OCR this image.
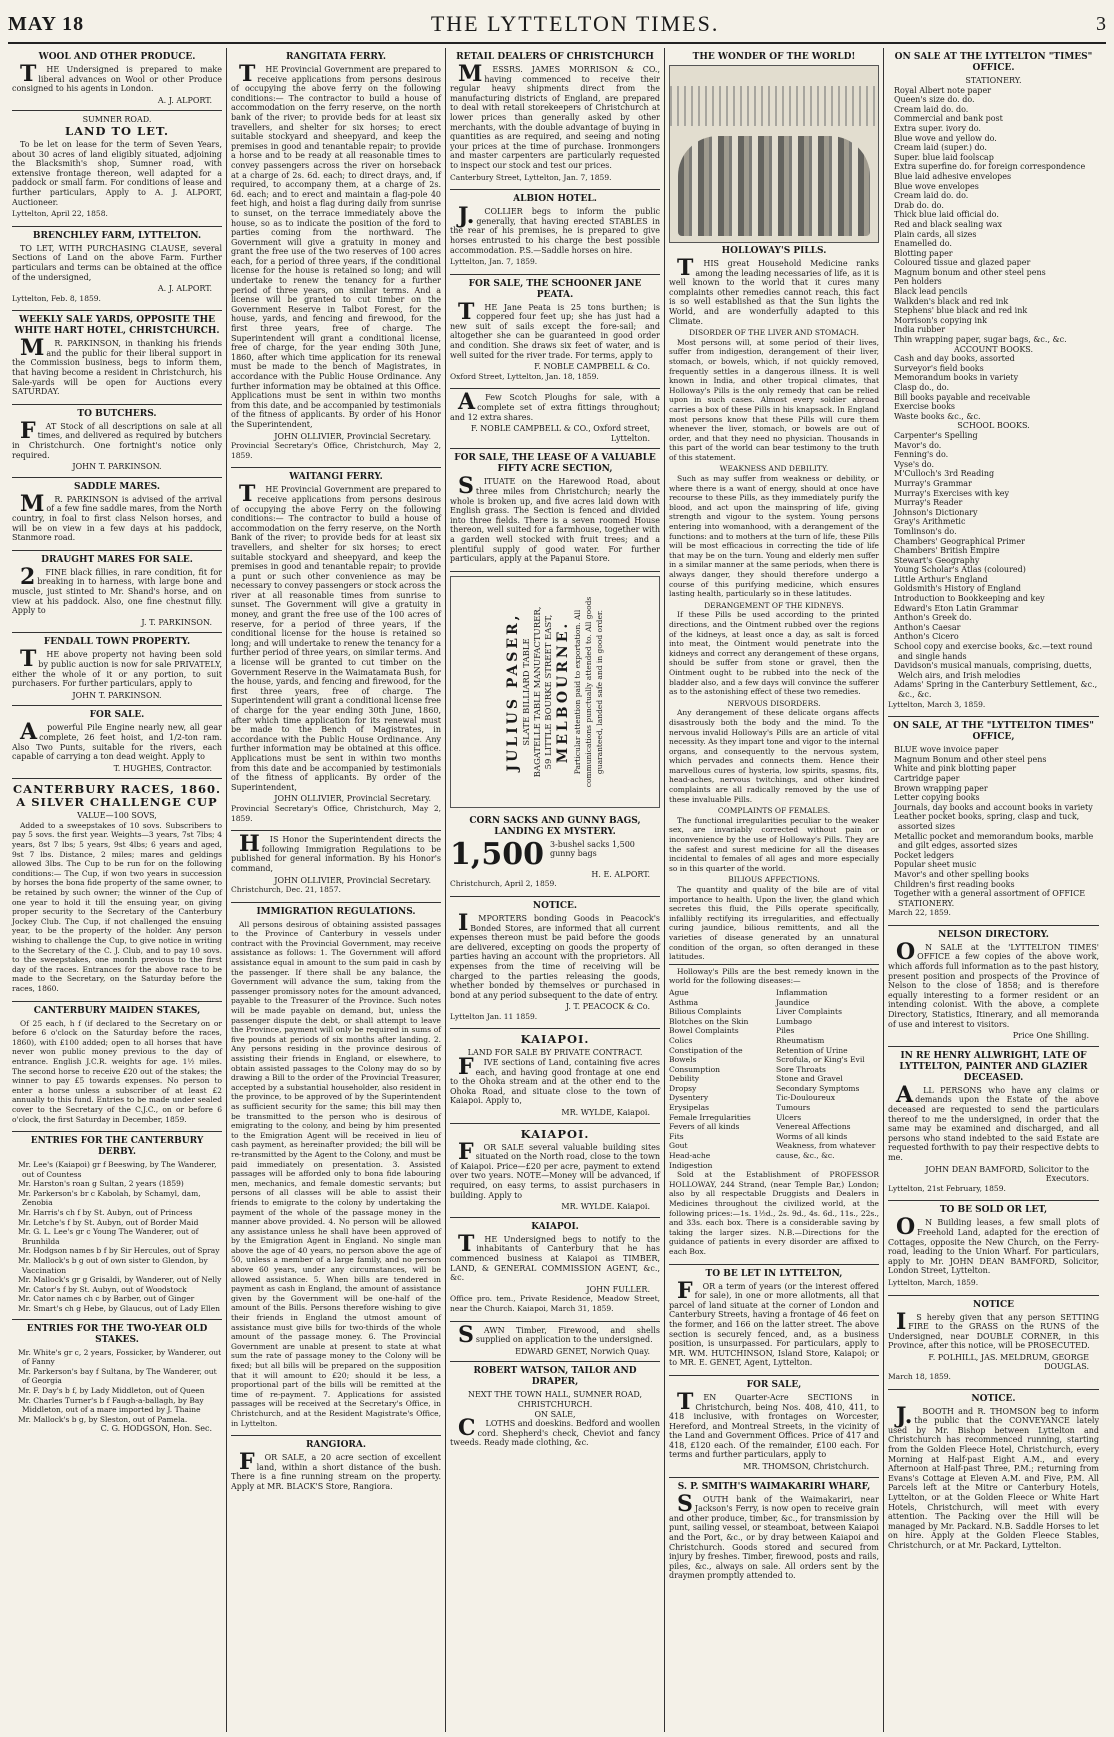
MAY 18	THE LYTTELTON TIMES.	3
WOOL AND OTHER PRODUCE.
THE Undersigned is prepared to make liberal advances on Wool or other Produce consigned to his agents in London.
A. J. ALPORT.
SUMNER ROAD.
LAND TO LET.
To be let on lease for the term of Seven Years, about 30 acres of land eligibly situated, adjoining the Blacksmith's shop, Sumner road, with extensive frontage thereon, well adapted for a paddock or small farm. For conditions of lease and further particulars, Apply to A. J. ALPORT, Auctioneer.
Lyttelton, April 22, 1858.
BRENCHLEY FARM, LYTTELTON.
TO LET, WITH PURCHASING CLAUSE, several Sections of Land on the above Farm. Further particulars and terms can be obtained at the office of the undersigned,
A. J. ALPORT.
Lyttelton, Feb. 8, 1859.
WEEKLY SALE YARDS, OPPOSITE THE WHITE HART HOTEL, CHRISTCHURCH.
MR. PARKINSON, in thanking his friends and the public for their liberal support in the Commission business, begs to inform them, that having become a resident in Christchurch, his Sale-yards will be open for Auctions every SATURDAY.
TO BUTCHERS.
FAT Stock of all descriptions on sale at all times, and delivered as required by butchers in Christchurch. One fortnight's notice only required.
JOHN T. PARKINSON.
SADDLE MARES.
MR. PARKINSON is advised of the arrival of a few fine saddle mares, from the North country, in foal to first class Nelson horses, and will be on view in a few days at his paddock, Stanmore road.
DRAUGHT MARES FOR SALE.
2FINE black fillies, in rare condition, fit for breaking in to harness, with large bone and muscle, just stinted to Mr. Shand's horse, and on view at his paddock. Also, one fine chestnut filly. Apply to
J. T. PARKINSON.
FENDALL TOWN PROPERTY.
THE above property not having been sold by public auction is now for sale PRIVATELY, either the whole of it or any portion, to suit purchasers. For further particulars, apply to
JOHN T. PARKINSON.
FOR SALE.
Apowerful Pile Engine nearly new, all gear complete, 26 feet hoist, and 1/2-ton ram. Also Two Punts, suitable for the rivers, each capable of carrying a ton dead weight. Apply to
T. HUGHES, Contractor.
CANTERBURY RACES, 1860. A SILVER CHALLENGE CUP
VALUE—100 SOVS,
Added to a sweepstakes of 10 sovs. Subscribers to pay 5 sovs. the first year. Weights—3 years, 7st 7lbs; 4 years, 8st 7 lbs; 5 years, 9st 4lbs; 6 years and aged, 9st 7 lbs. Distance, 2 miles; mares and geldings allowed 3lbs. The Cup to be run for on the following conditions:— The Cup, if won two years in succession by horses the bona fide property of the same owner, to be retained by such owner; the winner of the Cup of one year to hold it till the ensuing year, on giving proper security to the Secretary of the Canterbury Jockey Club. The Cup, if not challenged the ensuing year, to be the property of the holder. Any person wishing to challenge the Cup, to give notice in writing to the Secretary of the C. J. Club, and to pay 10 sovs. to the sweepstakes, one month previous to the first day of the races. Entrances for the above race to be made to the Secretary, on the Saturday before the races, 1860.
CANTERBURY MAIDEN STAKES,
Of 25 each, h f (if declared to the Secretary on or before 6 o'clock on the Saturday before the races, 1860), with £100 added; open to all horses that have never won public money previous to the day of entrance. English J.C.R. weights for age. 1½ miles. The second horse to receive £20 out of the stakes; the winner to pay £5 towards expenses. No person to enter a horse unless a subscriber of at least £2 annually to this fund. Entries to be made under sealed cover to the Secretary of the C.J.C., on or before 6 o'clock, the first Saturday in December, 1859.
ENTRIES FOR THE CANTERBURY DERBY.
Mr. Lee's (Kaiapoi) gr f Beeswing, by The Wanderer, out of Countess
Mr. Harston's roan g Sultan, 2 years (1859)
Mr. Parkerson's br c Kabolah, by Schamyl, dam, Zenobia
Mr. Harris's ch f by St. Aubyn, out of Princess
Mr. Letche's f by St. Aubyn, out of Border Maid
Mr. G. L. Lee's gr c Young The Wanderer, out of Brunhilda
Mr. Hodgson names b f by Sir Hercules, out of Spray
Mr. Mallock's b g out of own sister to Glendon, by Vaccination
Mr. Mallock's gr g Grisaldi, by Wanderer, out of Nelly
Mr. Cator's f by St. Aubyn, out of Woodstock
Mr. Cator names ch c by Barber, out of Ginger
Mr. Smart's ch g Hebe, by Glaucus, out of Lady Ellen
ENTRIES FOR THE TWO-YEAR OLD STAKES.
Mr. White's gr c, 2 years, Fossicker, by Wanderer, out of Fanny
Mr. Parkerson's bay f Sultana, by The Wanderer, out of Georgia
Mr. F. Day's b f, by Lady Middleton, out of Queen
Mr. Charles Turner's b f Faugh-a-ballagh, by Bay Middleton, out of a mare imported by J. Thaine
Mr. Mallock's b g, by Sleston, out of Pamela.
C. G. HODGSON, Hon. Sec.
RANGITATA FERRY.
THE Provincial Government are prepared to receive applications from persons desirous of occupying the above ferry on the following conditions:— The contractor to build a house of accommodation on the ferry reserve, on the north bank of the river; to provide beds for at least six travellers, and shelter for six horses; to erect suitable stockyard and sheepyard, and keep the premises in good and tenantable repair; to provide a horse and to be ready at all reasonable times to convey passengers across the river on horseback at a charge of 2s. 6d. each; to direct drays, and, if required, to accompany them, at a charge of 2s. 6d. each; and to erect and maintain a flag-pole 40 feet high, and hoist a flag during daily from sunrise to sunset, on the terrace immediately above the house, so as to indicate the position of the ford to parties coming from the northward. The Government will give a gratuity in money and grant the free use of the two reserves of 100 acres each, for a period of three years, if the conditional license for the house is retained so long; and will undertake to renew the tenancy for a further period of three years, on similar terms. And a license will be granted to cut timber on the Government Reserve in Talbot Forest, for the house, yards, and fencing and firewood, for the first three years, free of charge. The Superintendent will grant a conditional license, free of charge, for the year ending 30th June, 1860, after which time application for its renewal must be made to the bench of Magistrates, in accordance with the Public House Ordinance. Any further information may be obtained at this Office. Applications must be sent in within two months from this date, and be accompanied by testimonials of the fitness of applicants. By order of his Honor the Superintendent,
JOHN OLLIVIER, Provincial Secretary.
Provincial Secretary's Office, Christchurch, May 2, 1859.
WAITANGI FERRY.
THE Provincial Government are prepared to receive applications from persons desirous of occupying the above Ferry on the following conditions:— The contractor to build a house of accommodation on the ferry reserve, on the North Bank of the river; to provide beds for at least six travellers, and shelter for six horses; to erect suitable stockyard and sheepyard, and keep the premises in good and tenantable repair; to provide a punt or such other convenience as may be necessary to convey passengers or stock across the river at all reasonable times from sunrise to sunset. The Government will give a gratuity in money, and grant the free use of the 100 acres of reserve, for a period of three years, if the conditional license for the house is retained so long; and will undertake to renew the tenancy for a further period of three years, on similar terms. And a license will be granted to cut timber on the Government Reserve in the Waimatamata Bush, for the house, yards, and fencing and firewood, for the first three years, free of charge. The Superintendent will grant a conditional license free of charge for the year ending 30th June, 1860, after which time application for its renewal must be made to the Bench of Magistrates, in accordance with the Public House Ordinance. Any further information may be obtained at this office. Applications must be sent in within two months from this date and be accompanied by testimonials of the fitness of applicants. By order of the Superintendent,
JOHN OLLIVIER, Provincial Secretary.
Provincial Secretary's Office, Christchurch, May 2, 1859.
HIS Honor the Superintendent directs the following Immigration Regulations to be published for general information. By his Honor's command,
JOHN OLLIVIER, Provincial Secretary.
Christchurch, Dec. 21, 1857.
IMMIGRATION REGULATIONS.
All persons desirous of obtaining assisted passages to the Province of Canterbury in vessels under contract with the Provincial Government, may receive assistance as follows: 1. The Government will afford assistance equal in amount to the sum paid in cash by the passenger. If there shall be any balance, the Government will advance the sum, taking from the passenger promissory notes for the amount advanced, payable to the Treasurer of the Province. Such notes will be made payable on demand, but, unless the passenger dispute the debt, or shall attempt to leave the Province, payment will only be required in sums of five pounds at periods of six months after landing. 2. Any persons residing in the province desirous of assisting their friends in England, or elsewhere, to obtain assisted passages to the Colony may do so by drawing a Bill to the order of the Provincial Treasurer, accepted by a substantial householder, also resident in the province, to be approved of by the Superintendent as sufficient security for the same; this bill may then be transmitted to the person who is desirous of emigrating to the colony, and being by him presented to the Emigration Agent will be received in lieu of cash payment, as hereinafter provided; the bill will be re-transmitted by the Agent to the Colony, and must be paid immediately on presentation. 3. Assisted passages will be afforded only to bona fide labouring men, mechanics, and female domestic servants; but persons of all classes will be able to assist their friends to emigrate to the colony by undertaking the payment of the whole of the passage money in the manner above provided. 4. No person will be allowed any assistance unless he shall have been approved of by the Emigration Agent in England. No single man above the age of 40 years, no person above the age of 50, unless a member of a large family, and no person above 60 years, under any circumstances, will be allowed assistance. 5. When bills are tendered in payment as cash in England, the amount of assistance given by the Government will be one-half of the amount of the Bills. Persons therefore wishing to give their friends in England the utmost amount of assistance must give bills for two-thirds of the whole amount of the passage money. 6. The Provincial Government are unable at present to state at what sum the rate of passage money to the Colony will be fixed; but all bills will be prepared on the supposition that it will amount to £20; should it be less, a proportional part of the bills will be remitted at the time of re-payment. 7. Applications for assisted passages will be received at the Secretary's Office, in Christchurch, and at the Resident Magistrate's Office, in Lyttelton.
RANGIORA.
FOR SALE, a 20 acre section of excellent land, within a short distance of the bush. There is a fine running stream on the property. Apply at MR. BLACK'S Store, Rangiora.
RETAIL DEALERS OF CHRISTCHURCH
MESSRS. JAMES MORRISON & CO., having commenced to receive their regular heavy shipments direct from the manufacturing districts of England, are prepared to deal with retail storekeepers of Christchurch at lower prices than generally asked by other merchants, with the double advantage of buying in quantities as are required, and seeing and noting your prices at the time of purchase. Ironmongers and master carpenters are particularly requested to inspect our stock and test our prices.
Canterbury Street, Lyttelton, Jan. 7, 1859.
ALBION HOTEL.
J.COLLIER begs to inform the public generally, that having erected STABLES in the rear of his premises, he is prepared to give horses entrusted to his charge the best possible accommodation. P.S.—Saddle horses on hire.
Lyttelton, Jan. 7, 1859.
FOR SALE, THE SCHOONER JANE PEATA.
THE Jane Peata is 25 tons burthen; is coppered four feet up; she has just had a new suit of sails except the fore-sail; and altogether she can be guaranteed in good order and condition. She draws six feet of water, and is well suited for the river trade. For terms, apply to
F. NOBLE CAMPBELL & Co.
Oxford Street, Lyttelton, Jan. 18, 1859.
AFew Scotch Ploughs for sale, with a complete set of extra fittings throughout; and 12 extra shares.
F. NOBLE CAMPBELL & CO., Oxford street, Lyttelton.
FOR SALE, THE LEASE OF A VALUABLE FIFTY ACRE SECTION,
SITUATE on the Harewood Road, about three miles from Christchurch; nearly the whole is broken up, and five acres laid down with English grass. The Section is fenced and divided into three fields. There is a seven roomed House thereon, well suited for a farmhouse, together with a garden well stocked with fruit trees; and a plentiful supply of good water. For further particulars, apply at the Papanui Store.
JULIUS PASER, SLATE BILLIARD TABLE BAGATELLE TABLE MANUFACTURER, 59 LITTLE BOURKE STREET EAST, MELBOURNE. Particular attention paid to exportation. All communications punctually attended to. All goods guaranteed, landed safe and in good order.
CORN SACKS AND GUNNY BAGS, LANDING EX MYSTERY.
1,500 3-bushel sacks 1,500 gunny bags
H. E. ALPORT.
Christchurch, April 2, 1859.
NOTICE.
IMPORTERS bonding Goods in Peacock's Bonded Stores, are informed that all current expenses thereon must be paid before the goods are delivered, excepting on goods the property of parties having an account with the proprietors. All expenses from the time of receiving will be charged to the parties releasing the goods, whether bonded by themselves or purchased in bond at any period subsequent to the date of entry.
J. T. PEACOCK & Co.
Lyttelton Jan. 11 1859.
KAIAPOI.
LAND FOR SALE BY PRIVATE CONTRACT.
FIVE sections of Land, containing five acres each, and having good frontage at one end to the Ohoka stream and at the other end to the Ohoka Road, and situate close to the town of Kaiapoi. Apply to,
MR. WYLDE, Kaiapoi.
KAIAPOI.
FOR SALE several valuable building sites situated on the North road, close to the town of Kaiapoi. Price—£20 per acre, payment to extend over two years. NOTE—Money will be advanced, if required, on easy terms, to assist purchasers in building. Apply to
MR. WYLDE. Kaiapoi.
KAIAPOI.
THE Undersigned begs to notify to the inhabitants of Canterbury that he has commenced business at Kaiapoi as TIMBER, LAND, & GENERAL COMMISSION AGENT, &c., &c.
JOHN FULLER.
Office pro. tem., Private Residence, Meadow Street, near the Church. Kaiapoi, March 31, 1859.
SAWN Timber, Firewood, and shells supplied on application to the undersigned.
EDWARD GENET, Norwich Quay.
ROBERT WATSON, TAILOR AND DRAPER,
NEXT THE TOWN HALL, SUMNER ROAD, CHRISTCHURCH.
ON SALE,
CLOTHS and doeskins. Bedford and woollen cord. Shepherd's check, Cheviot and fancy tweeds. Ready made clothing, &c.
THE WONDER OF THE WORLD!
HOLLOWAY'S PILLS.
THIS great Household Medicine ranks among the leading necessaries of life, as it is well known to the world that it cures many complaints other remedies cannot reach, this fact is so well established as that the Sun lights the World, and are wonderfully adapted to this Climate.
DISORDER OF THE LIVER AND STOMACH.
Most persons will, at some period of their lives, suffer from indigestion, derangement of their liver, stomach, or bowels, which, if not quickly removed, frequently settles in a dangerous illness. It is well known in India, and other tropical climates, that Holloway's Pills is the only remedy that can be relied upon in such cases. Almost every soldier abroad carries a box of these Pills in his knapsack. In England most persons know that these Pills will cure them whenever the liver, stomach, or bowels are out of order, and that they need no physician. Thousands in this part of the world can bear testimony to the truth of this statement.
WEAKNESS AND DEBILITY.
Such as may suffer from weakness or debility, or where there is a want of energy, should at once have recourse to these Pills, as they immediately purify the blood, and act upon the mainspring of life, giving strength and vigour to the system. Young persons entering into womanhood, with a derangement of the functions: and to mothers at the turn of life, these Pills will be most efficacious in correcting the tide of life that may be on the turn. Young and elderly men suffer in a similar manner at the same periods, when there is always danger, they should therefore undergo a course of this purifying medicine, which ensures lasting health, particularly so in these latitudes.
DERANGEMENT OF THE KIDNEYS.
If these Pills be used according to the printed directions, and the Ointment rubbed over the regions of the kidneys, at least once a day, as salt is forced into meat, the Ointment would penetrate into the kidneys and correct any derangement of these organs, should be suffer from stone or gravel, then the Ointment ought to be rubbed into the neck of the bladder also, and a few days will convince the sufferer as to the astonishing effect of these two remedies.
NERVOUS DISORDERS.
Any derangement of these delicate organs affects disastrously both the body and the mind. To the nervous invalid Holloway's Pills are an article of vital necessity. As they impart tone and vigor to the internal organs, and consequently to the nervous system, which pervades and connects them. Hence their marvellous cures of hysteria, low spirits, spasms, fits, head-aches, nervous twitchings, and other kindred complaints are all radically removed by the use of these invaluable Pills.
COMPLAINTS OF FEMALES.
The functional irregularities peculiar to the weaker sex, are invariably corrected without pain or inconvenience by the use of Holloway's Pills. They are the safest and surest medicine for all the diseases incidental to females of all ages and more especially so in this quarter of the world.
BILIOUS AFFECTIONS.
The quantity and quality of the bile are of vital importance to health. Upon the liver, the gland which secretes this fluid, the Pills operate specifically, infallibly rectifying its irregularities, and effectually curing jaundice, bilious remittents, and all the varieties of disease generated by an unnatural condition of the organ, so often deranged in these latitudes.
Holloway's Pills are the best remedy known in the world for the following diseases:—
Ague
Asthma
Bilious Complaints
Blotches on the Skin
Bowel Complaints
Colics
Constipation of the Bowels
Consumption
Debility
Dropsy
Dysentery
Erysipelas
Female Irregularities
Fevers of all kinds
Fits
Gout
Head-ache
Indigestion
Inflammation
Jaundice
Liver Complaints
Lumbago
Piles
Rheumatism
Retention of Urine
Scrofula, or King's Evil
Sore Throats
Stone and Gravel
Secondary Symptoms
Tic-Douloureux
Tumours
Ulcers
Venereal Affections
Worms of all kinds
Weakness, from whatever cause, &c., &c.
Sold at the Establishment of PROFESSOR HOLLOWAY, 244 Strand, (near Temple Bar,) London; also by all respectable Druggists and Dealers in Medicines throughout the civilized world, at the following prices:—1s. 1½d., 2s. 9d., 4s. 6d., 11s., 22s., and 33s. each box. There is a considerable saving by taking the larger sizes. N.B.—Directions for the guidance of patients in every disorder are affixed to each Box.
TO BE LET IN LYTTELTON,
FOR a term of years (or the interest offered for sale), in one or more allotments, all that parcel of land situate at the corner of London and Canterbury Streets, having a frontage of 46 feet on the former, and 166 on the latter street. The above section is securely fenced, and, as a business position, is unsurpassed. For particulars, apply to MR. WM. HUTCHINSON, Island Store, Kaiapoi; or to MR. E. GENET, Agent, Lyttelton.
FOR SALE,
TEN Quarter-Acre SECTIONS in Christchurch, being Nos. 408, 410, 411, to 418 inclusive, with frontages on Worcester, Hereford, and Montreal Streets, in the vicinity of the Land and Government Offices. Price of 417 and 418, £120 each. Of the remainder, £100 each. For terms and further particulars, apply to
MR. THOMSON, Christchurch.
S. P. SMITH'S WAIMAKARIRI WHARF,
SOUTH bank of the Waimakariri, near Jackson's Ferry, is now open to receive grain and other produce, timber, &c., for transmission by punt, sailing vessel, or steamboat, between Kaiapoi and the Port, &c., or by dray between Kaiapoi and Christchurch. Goods stored and secured from injury by freshes. Timber, firewood, posts and rails, piles, &c., always on sale. All orders sent by the draymen promptly attended to.
ON SALE AT THE LYTTELTON "TIMES" OFFICE.
STATIONERY.
Royal Albert note paper
Queen's size do. do.
Cream laid do. do.
Commercial and bank post
Extra super. ivory do.
Blue wove and yellow do.
Cream laid (super.) do.
Super. blue laid foolscap
Extra superfine do. for foreign correspondence
Blue laid adhesive envelopes
Blue wove envelopes
Cream laid do. do.
Drab do. do.
Thick blue laid official do.
Red and black sealing wax
Plain cards, all sizes
Enamelled do.
Blotting paper
Coloured tissue and glazed paper
Magnum bonum and other steel pens
Pen holders
Black lead pencils
Walkden's black and red ink
Stephens' blue black and red ink
Morrison's copying ink
India rubber
Thin wrapping paper, sugar bags, &c., &c.
ACCOUNT BOOKS.
Cash and day books, assorted
Surveyor's field books
Memorandum books in variety
Clasp do., do.
Bill books payable and receivable
Exercise books
Waste books &c., &c.
SCHOOL BOOKS.
Carpenter's Spelling
Mavor's do.
Fenning's do.
Vyse's do.
M'Culloch's 3rd Reading
Murray's Grammar
Murray's Exercises with key
Murray's Reader
Johnson's Dictionary
Gray's Arithmetic
Tomlinson's do.
Chambers' Geographical Primer
Chambers' British Empire
Stewart's Geography
Young Scholar's Atlas (coloured)
Little Arthur's England
Goldsmith's History of England
Introduction to Bookkeeping and key
Edward's Eton Latin Grammar
Anthon's Greek do.
Anthon's Caesar
Anthon's Cicero
School copy and exercise books, &c.—text round and single hands
Davidson's musical manuals, comprising, duetts, Welch airs, and Irish melodies
Adams' Spring in the Canterbury Settlement, &c., &c., &c.
Lyttelton, March 3, 1859.
ON SALE, AT THE "LYTTELTON TIMES" OFFICE,
BLUE wove invoice paper
Magnum Bonum and other steel pens
White and pink blotting paper
Cartridge paper
Brown wrapping paper
Letter copying books
Journals, day books and account books in variety
Leather pocket books, spring, clasp and tuck, assorted sizes
Metallic pocket and memorandum books, marble and gilt edges, assorted sizes
Pocket ledgers
Popular sheet music
Mavor's and other spelling books
Children's first reading books
Together with a general assortment of OFFICE STATIONERY.
March 22, 1859.
NELSON DIRECTORY.
ON SALE at the 'LYTTELTON TIMES' OFFICE a few copies of the above work, which affords full information as to the past history, present position and prospects of the Province of Nelson to the close of 1858; and is therefore equally interesting to a former resident or an intending colonist. With the above, a complete Directory, Statistics, Itinerary, and all memoranda of use and interest to visitors.
Price One Shilling.
IN RE HENRY ALLWRIGHT, LATE OF LYTTELTON, PAINTER AND GLAZIER DECEASED.
ALL PERSONS who have any claims or demands upon the Estate of the above deceased are requested to send the particulars thereof to me the undersigned, in order that the same may be examined and discharged, and all persons who stand indebted to the said Estate are requested forthwith to pay their respective debts to me.
JOHN DEAN BAMFORD, Solicitor to the Executors.
Lyttelton, 21st February, 1859.
TO BE SOLD OR LET,
ON Building leases, a few small plots of Freehold Land, adapted for the erection of Cottages, opposite the New Church, on the Ferry-road, leading to the Union Wharf. For particulars, apply to Mr. JOHN DEAN BAMFORD, Solicitor, London Street, Lyttelton.
Lyttelton, March, 1859.
NOTICE
IS hereby given that any person SETTING FIRE to the GRASS on the RUNS of the Undersigned, near DOUBLE CORNER, in this Province, after this notice, will be PROSECUTED.
F. POLHILL, JAS. MELDRUM, GEORGE DOUGLAS.
March 18, 1859.
NOTICE.
J.BOOTH and R. THOMSON beg to inform the public that the CONVEYANCE lately used by Mr. Bishop between Lyttelton and Christchurch has recommenced running, starting from the Golden Fleece Hotel, Christchurch, every Morning at Half-past Eight A.M., and every Afternoon at Half-past Three, P.M.; returning from Evans's Cottage at Eleven A.M. and Five, P.M. All Parcels left at the Mitre or Canterbury Hotels, Lyttelton, or at the Golden Fleece or White Hart Hotels, Christchurch, will meet with every attention. The Packing over the Hill will be managed by Mr. Packard. N.B. Saddle Horses to let on hire. Apply at the Golden Fleece Stables, Christchurch, or at Mr. Packard, Lyttelton.
